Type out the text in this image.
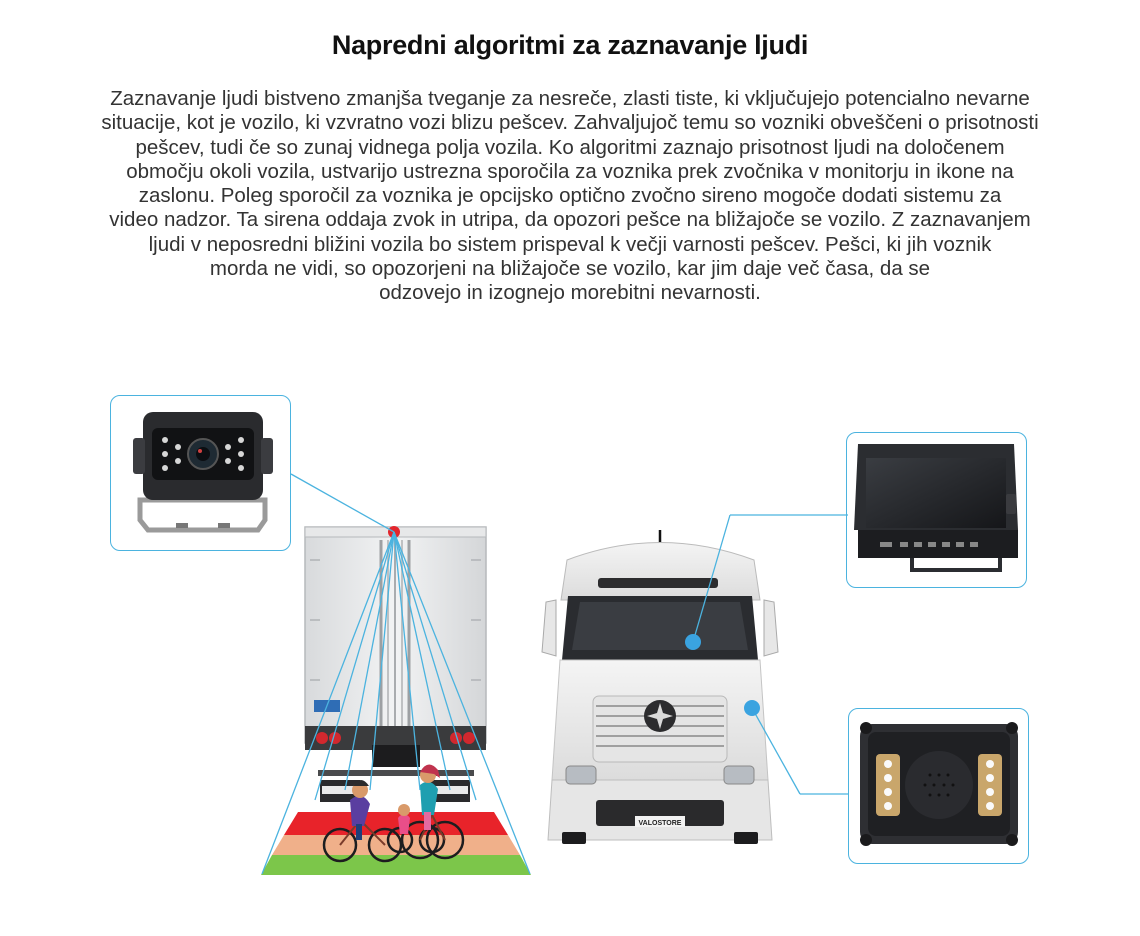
Napredni algoritmi za zaznavanje ljudi
Zaznavanje ljudi bistveno zmanjša tveganje za nesreče, zlasti tiste, ki vključujejo potencialno nevarne
situacije, kot je vozilo, ki vzvratno vozi blizu pešcev. Zahvaljujoč temu so vozniki obveščeni o prisotnosti
pešcev, tudi če so zunaj vidnega polja vozila. Ko algoritmi zaznajo prisotnost ljudi na določenem
območju okoli vozila, ustvarijo ustrezna sporočila za voznika prek zvočnika v monitorju in ikone na
zaslonu. Poleg sporočil za voznika je opcijsko optično zvočno sireno mogoče dodati sistemu za
video nadzor. Ta sirena oddaja zvok in utripa, da opozori pešce na bližajoče se vozilo. Z zaznavanjem
ljudi v neposredni bližini vozila bo sistem prispeval k večji varnosti pešcev. Pešci, ki jih voznik
morda ne vidi, so opozorjeni na bližajoče se vozilo, kar jim daje več časa, da se
odzovejo in izognejo morebitni nevarnosti.
VALOSTORE
